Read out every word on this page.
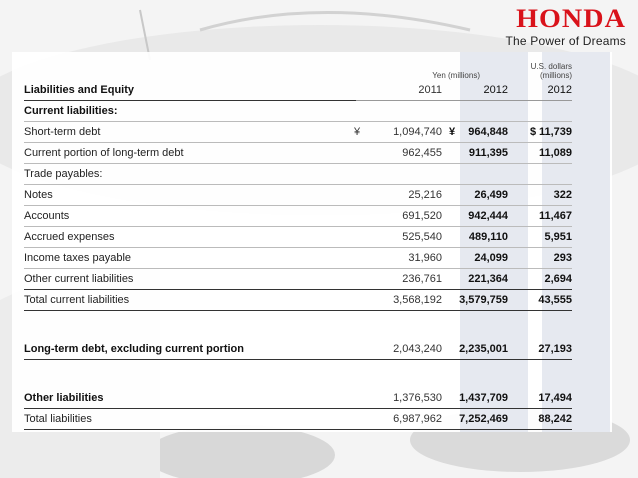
HONDA
The Power of Dreams
	Yen (millions)		U.S. dollars
(millions)

Liabilities and Equity	2011	2012	2012
Current liabilities:			
Short-term debt	¥ 1,094,740	¥ 964,848	$ 11,739
Current portion of long-term debt	962,455	911,395	11,089
Trade payables:			
Notes	25,216	26,499	322
Accounts	691,520	942,444	11,467
Accrued expenses	525,540	489,110	5,951
Income taxes payable	31,960	24,099	293
Other current liabilities	236,761	221,364	2,694
Total current liabilities	3,568,192	3,579,759	43,555

Long-term debt, excluding current portion	2,043,240	2,235,001	27,193

Other liabilities	1,376,530	1,437,709	17,494
Total liabilities	6,987,962	7,252,469	88,242
